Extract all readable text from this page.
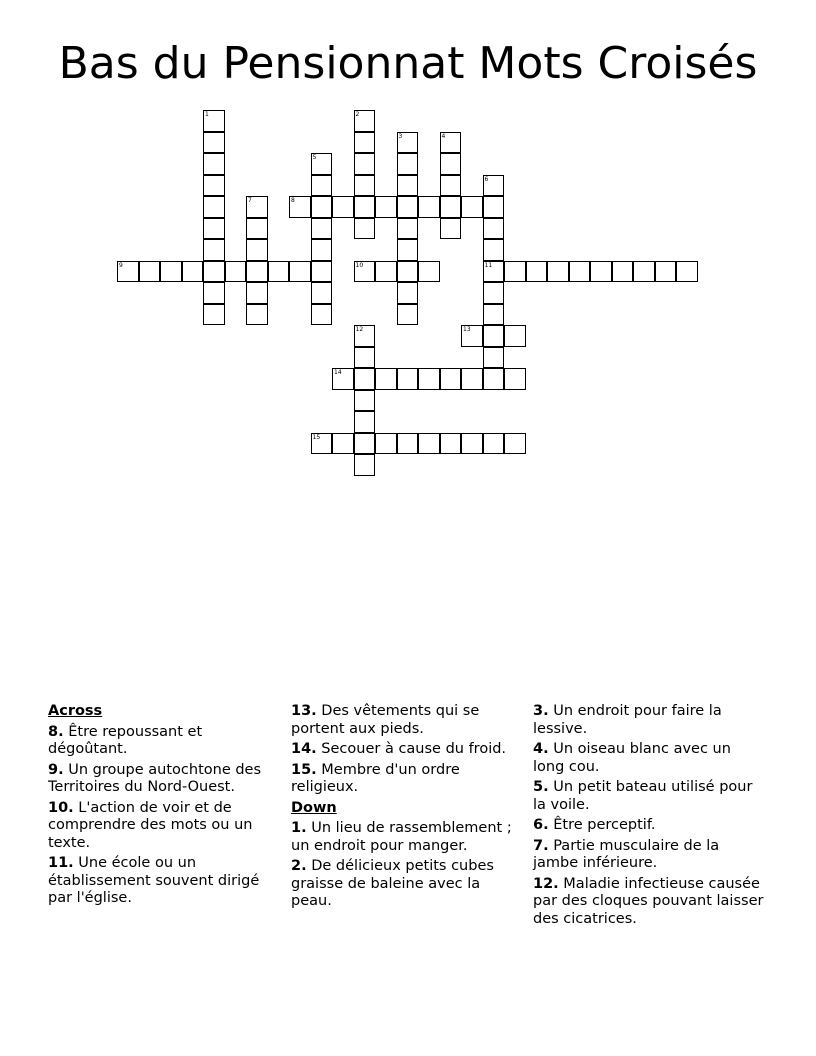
Bas du Pensionnat Mots Croisés
1	2
3	4
5
6
11
7	8
9	10
12	13
14
15
Across
8. Être repoussant et dégoûtant.
9. Un groupe autochtone des Territoires du Nord-Ouest.
10. L'action de voir et de comprendre des mots ou un texte.
11. Une école ou un établissement souvent dirigé par l'église.
13. Des vêtements qui se portent aux pieds.
14. Secouer à cause du froid.
15. Membre d'un ordre religieux.
Down
1. Un lieu de rassemblement ; un endroit pour manger.
2. De délicieux petits cubes graisse de baleine avec la peau.
3. Un endroit pour faire la lessive.
4. Un oiseau blanc avec un long cou.
5. Un petit bateau utilisé pour la voile.
6. Être perceptif.
7. Partie musculaire de la jambe inférieure.
12. Maladie infectieuse causée par des cloques pouvant laisser des cicatrices.
